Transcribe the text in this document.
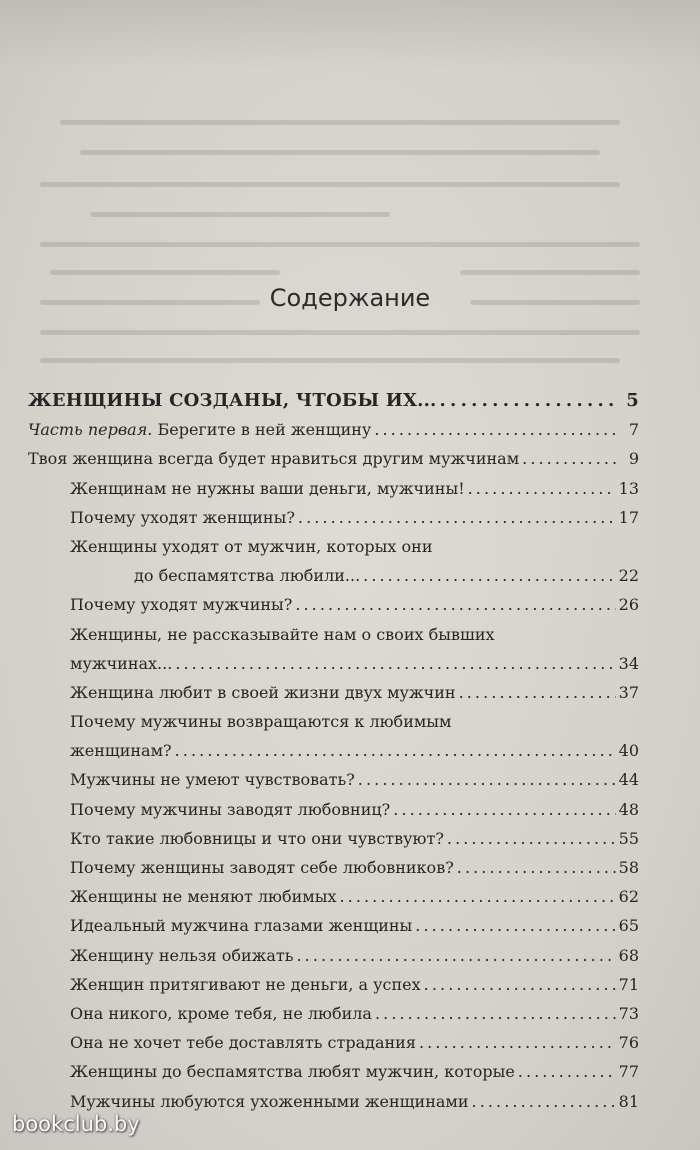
Содержание
ЖЕНЩИНЫ СОЗДАНЫ, ЧТОБЫ ИХ... . . .	5
Часть первая. Берегите в ней женщину . . .	7
Твоя женщина всегда будет нравиться другим мужчинам . . .	9
Женщинам не нужны ваши деньги, мужчины! . . .	13
Почему уходят женщины? . . .	17
Женщины уходят от мужчин, которых они
до беспамятства любили... . . .	22
Почему уходят мужчины? . . .	26
Женщины, не рассказывайте нам о своих бывших
мужчинах... . . .	34
Женщина любит в своей жизни двух мужчин . . .	37
Почему мужчины возвращаются к любимым
женщинам? . . .	40
Мужчины не умеют чувствовать? . . .	44
Почему мужчины заводят любовниц? . . .	48
Кто такие любовницы и что они чувствуют? . . .	55
Почему женщины заводят себе любовников? . . .	58
Женщины не меняют любимых . . .	62
Идеальный мужчина глазами женщины . . .	65
Женщину нельзя обижать . . .	68
Женщин притягивают не деньги, а успех . . .	71
Она никого, кроме тебя, не любила . . .	73
Она не хочет тебе доставлять страдания . . .	76
Женщины до беспамятства любят мужчин, которые . . .	77
Мужчины любуются ухоженными женщинами . . .	81
bookclub.by
